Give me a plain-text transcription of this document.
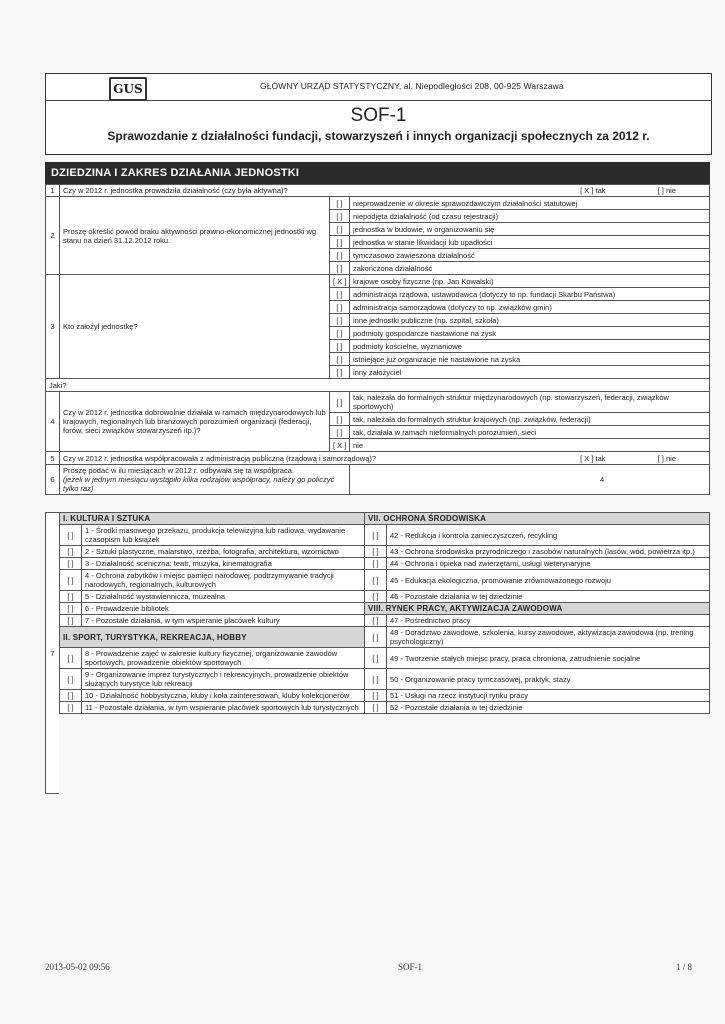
GUS	GŁÓWNY URZĄD STATYSTYCZNY, al. Niepodległości 208, 00-925 Warszawa
SOF-1
Sprawozdanie z działalności fundacji, stowarzyszeń i innych organizacji społecznych za 2012 r.
DZIEDZINA I ZAKRES DZIAŁANIA JEDNOSTKI
1	Czy w 2012 r. jednostka prowadziła działalność (czy była aktywna)? [ X ] tak [ ] nie		

2	Proszę określić powód braku aktywności prawno-ekonomicznej jednostki wg stanu na dzień 31.12.2012 roku.	[ ]	nieprowadzenie w okresie sprawozdawczym działalności statutowej
		[ ]	niepodjęta działalność (od czasu rejestracji)
		[ ]	jednostka w budowie, w organizowaniu się
		[ ]	jednostka w stanie likwidacji lub upadłości
		[ ]	tymczasowo zawieszona działalność
		[ ]	zakończona działalność
3	Kto założył jednostkę?	[ X ]	krajowe osoby fizyczne (np. Jan Kowalski)
		[ ]	administracja rządowa, ustawodawca (dotyczy to np. fundacji Skarbu Państwa)
		[ ]	administracja samorządowa (dotyczy to np. związków gmin)
		[ ]	inne jednostki publiczne (np. szpital, szkoła)
		[ ]	podmioty gospodarcze nastawione na zysk
		[ ]	podmioty kościelne, wyznaniowe
		[ ]	istniejące już organizacje nie nastawione na zyska
		[ ]	inny założyciel
Jaki?			
4	Czy w 2012 r. jednostka dobrowolnie działała w ramach międzynarodowych lub krajowych, regionalnych lub branżowych porozumień organizacji (federacji, forów, sieci związków stowarzyszeń itp.)?	[ ]	tak, należała do formalnych struktur międzynarodowych (np. stowarzyszeń, federacji, związków sportowych)
		[ ]	tak, należała do formalnych struktur krajowych (np. związków, federacji)
		[ ]	tak, działała w ramach nieformalnych porozumień, sieci
		[ X ]	nie
5	Czy w 2012 r. jednostka współpracowała z administracją publiczną (rządową i samorządową)? [ X ] tak [ ] nie		

6	Proszę podać w ilu miesiącach w 2012 r. odbywała się ta współpraca.
(jeżeli w jednym miesiącu wystąpiło kilka rodzajów współpracy, należy go policzyć tylko raz)		4
7
I. KULTURA I SZTUKA		VII. OCHRONA ŚRODOWISKA	
[ ]	1 - Środki masowego przekazu, produkcja telewizyjna lub radiowa, wydawanie czasopism lub książek	[ ]	42 - Redukcja i kontrola zanieczyszczeń, recykling
[ ]	2 - Sztuki plastyczne, malarstwo, rzeźba, fotografia, architektura, wzornictwo	[ ]	43 - Ochrona środowiska przyrodniczego i zasobów naturalnych (lasów, wód, powietrza itp.)
[ ]	3 - Działalność sceniczna: teatr, muzyka, kinematografia	[ ]	44 - Ochrona i opieka nad zwierzętami, usługi weterynaryjne
[ ]	4 - Ochrona zabytków i miejsc pamięci narodowej, podtrzymywanie tradycji narodowych, regionalnych, kulturowych	[ ]	45 - Edukacja ekologiczna, promowanie zrównoważonego rozwoju
[ ]	5 - Działalność wystawiennicza, muzealna	[ ]	46 - Pozostałe działania w tej dziedzinie
[ ]	6 - Prowadzenie bibliotek	VIII. RYNEK PRACY, AKTYWIZACJA ZAWODOWA	
[ ]	7 - Pozostałe działania, w tym wspieranie placówek kultury	[ ]	47 - Pośrednictwo pracy
II. SPORT, TURYSTYKA, REKREACJA, HOBBY		[ ]	48 - Doradztwo zawodowe, szkolenia, kursy zawodowe, aktywizacja zawodowa (np. trening psychologiczny)
[ ]	8 - Prowadzenie zajęć w zakresie kultury fizycznej, organizowanie zawodów sportowych, prowadzenie obiektów sportowych	[ ]	49 - Tworzenie stałych miejsc pracy, praca chroniona, zatrudnienie socjalne
[ ]	9 - Organizowanie imprez turystycznych i rekreacyjnych, prowadzenie obiektów służących turystyce lub rekreacji	[ ]	50 - Organizowanie pracy tymczasowej, praktyk, staży
[ ]	10 - Działalność hobbystyczna, kluby i koła zainteresowań, kluby kolekcjonerów	[ ]	51 - Usługi na rzecz instytucji rynku pracy
[ ]	11 - Pozostałe działania, w tym wspieranie placówek sportowych lub turystycznych	[ ]	52 - Pozostałe działania w tej dziedzinie
2013-05-02 09:56	SOF-1	1 / 8
